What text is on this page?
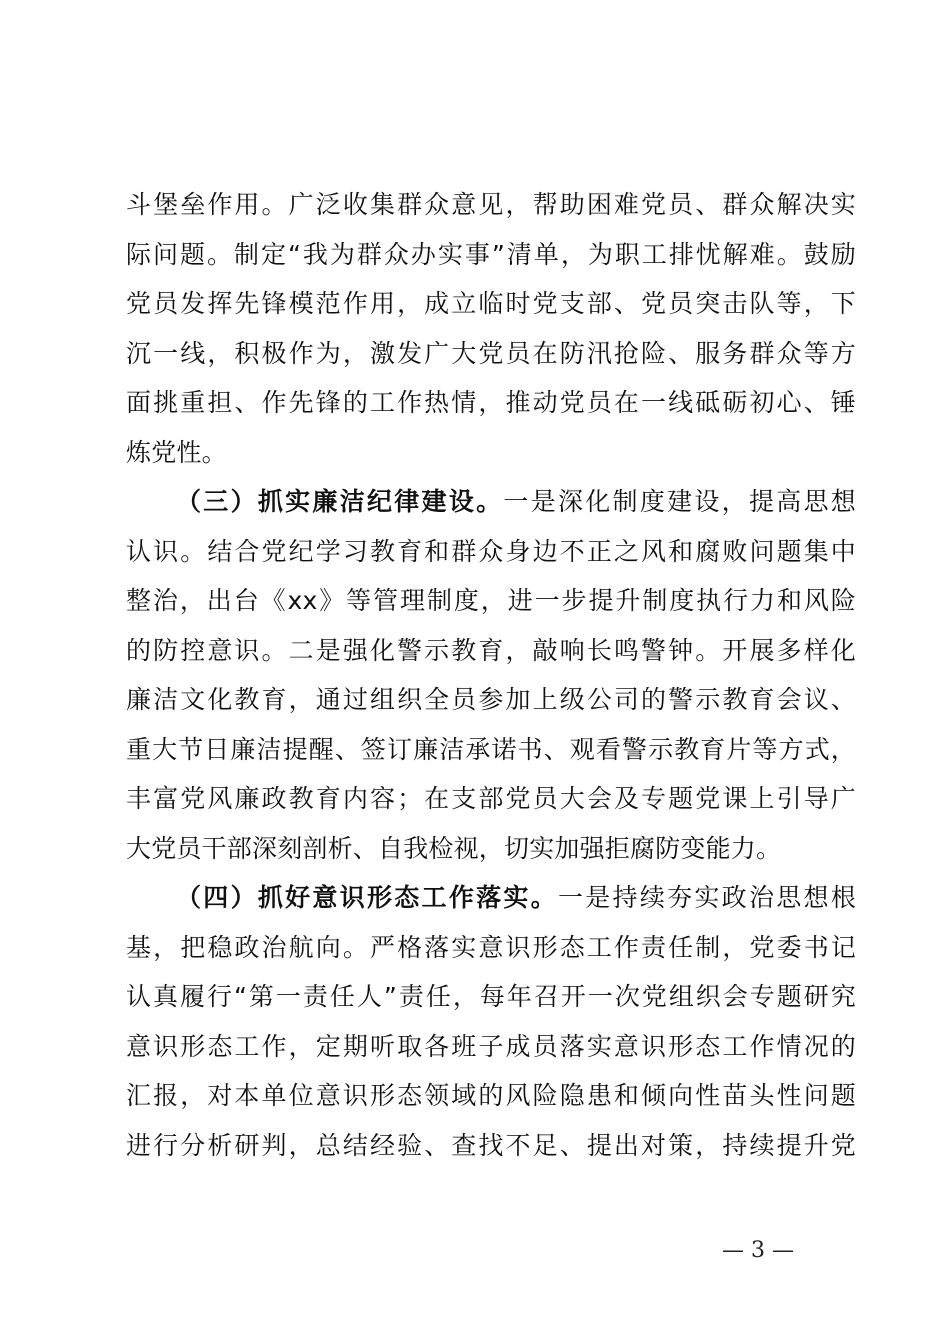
斗堡垒作用。广泛收集群众意见，帮助困难党员、群众解决实
际问题。制定“我为群众办实事”清单，为职工排忧解难。鼓励
党员发挥先锋模范作用，成立临时党支部、党员突击队等，下
沉一线，积极作为，激发广大党员在防汛抢险、服务群众等方
面挑重担、作先锋的工作热情，推动党员在一线砥砺初心、锤
炼党性。
（三）抓实廉洁纪律建设。一是深化制度建设，提高思想
认识。结合党纪学习教育和群众身边不正之风和腐败问题集中
整治，出台《xx》等管理制度，进一步提升制度执行力和风险
的防控意识。二是强化警示教育，敲响长鸣警钟。开展多样化
廉洁文化教育，通过组织全员参加上级公司的警示教育会议、
重大节日廉洁提醒、签订廉洁承诺书、观看警示教育片等方式，
丰富党风廉政教育内容；在支部党员大会及专题党课上引导广
大党员干部深刻剖析、自我检视，切实加强拒腐防变能力。
（四）抓好意识形态工作落实。一是持续夯实政治思想根
基，把稳政治航向。严格落实意识形态工作责任制，党委书记
认真履行“第一责任人”责任，每年召开一次党组织会专题研究
意识形态工作，定期听取各班子成员落实意识形态工作情况的
汇报，对本单位意识形态领域的风险隐患和倾向性苗头性问题
进行分析研判，总结经验、查找不足、提出对策，持续提升党
— 3 —
